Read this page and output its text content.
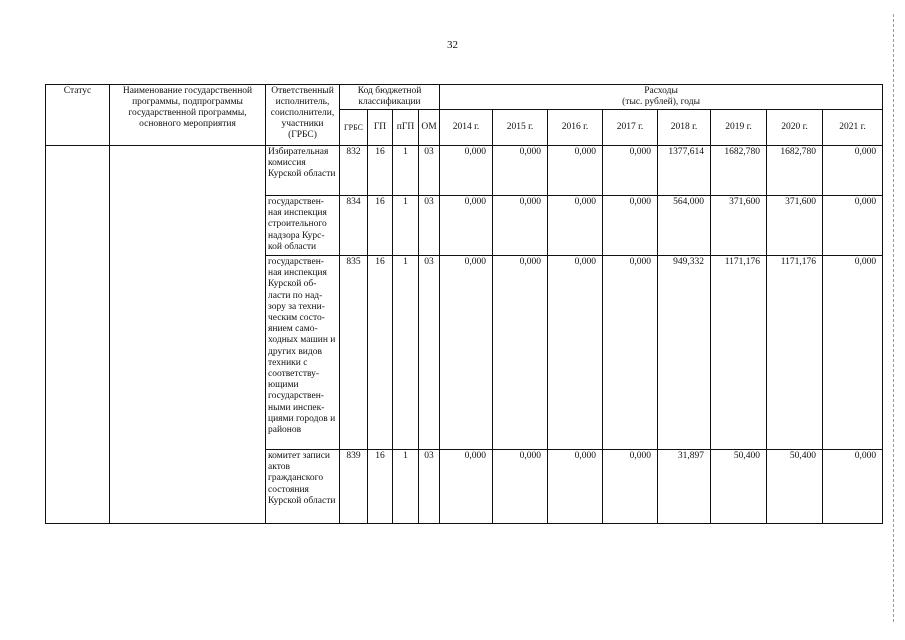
32
Статус	Наименование государственной программы, подпрограммы государственной программы, основного мероприятия	Ответственный исполнитель, соисполнители, участники (ГРБС)	Код бюджетной классификации				Расходы
(тыс. рублей), годы							

			ГРБС	ГП	пГП	ОМ	2014 г.	2015 г.	2016 г.	2017 г.	2018 г.	2019 г.	2020 г.	2021 г.
		Избирательная комиссия Курской области	832	16	1	03	0,000	0,000	0,000	0,000	1377,614	1682,780	1682,780	0,000
		государствен-ная инспекция строительного надзора Курс-кой области	834	16	1	03	0,000	0,000	0,000	0,000	564,000	371,600	371,600	0,000
		государствен-ная инспекция Курской об-ласти по над-зору за техни-ческим состо-янием само-ходных машин и других видов техники с соответству-ющими государствен-ными инспек-циями городов и районов	835	16	1	03	0,000	0,000	0,000	0,000	949,332	1171,176	1171,176	0,000
		комитет записи актов гражданского состояния Курской области	839	16	1	03	0,000	0,000	0,000	0,000	31,897	50,400	50,400	0,000
